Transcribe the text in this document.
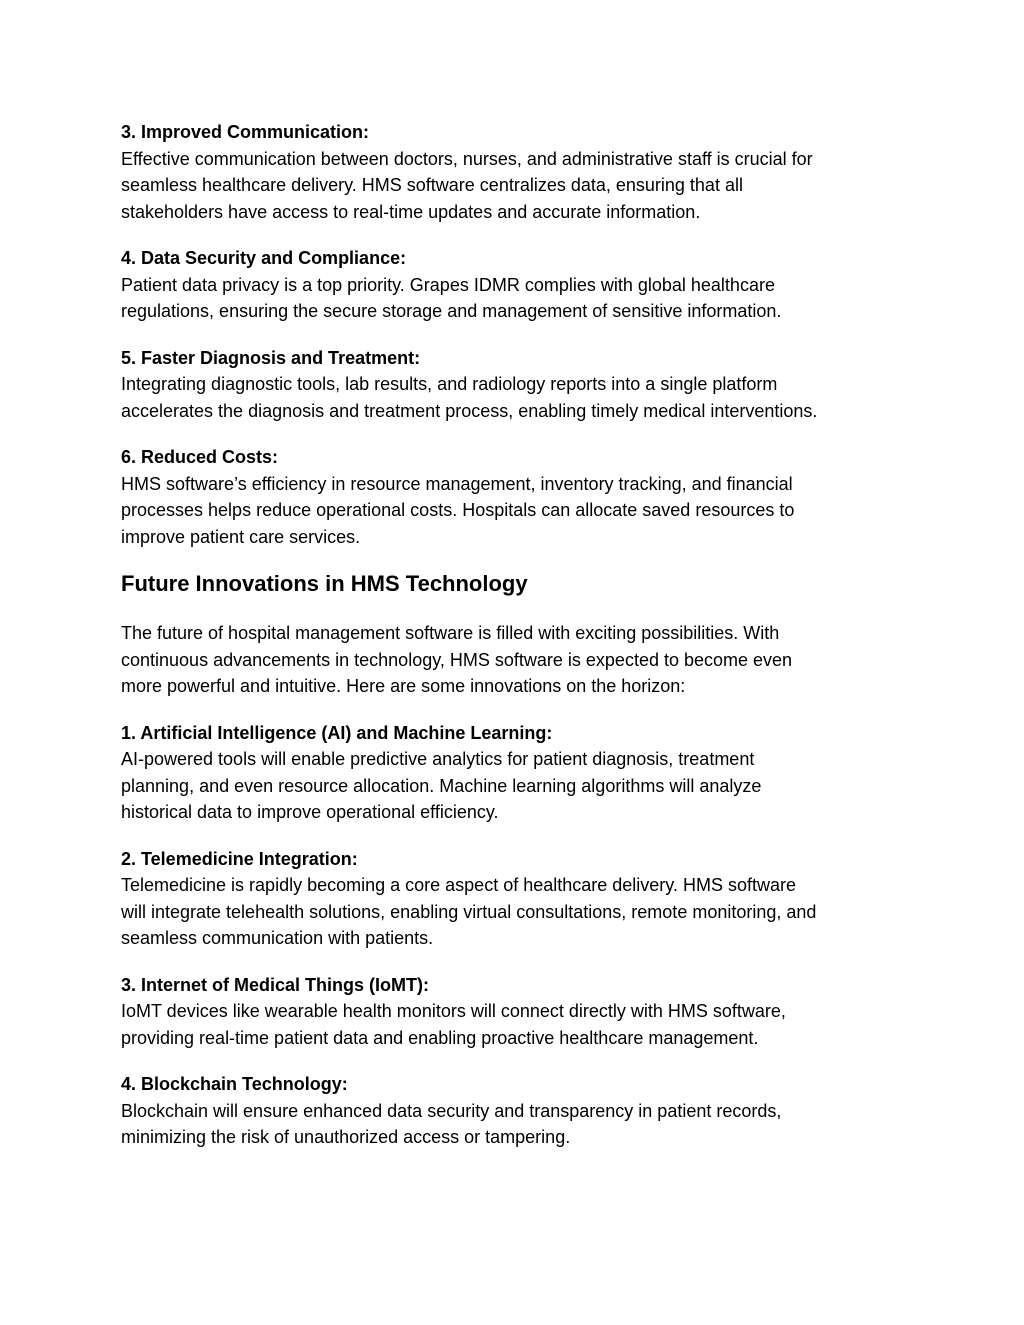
3. Improved Communication:

Effective communication between doctors, nurses, and administrative staff is crucial for
seamless healthcare delivery. HMS software centralizes data, ensuring that all
stakeholders have access to real-time updates and accurate information.

4. Data Security and Compliance:

Patient data privacy is a top priority. Grapes IDMR complies with global healthcare
regulations, ensuring the secure storage and management of sensitive information.

5. Faster Diagnosis and Treatment:

Integrating diagnostic tools, lab results, and radiology reports into a single platform
accelerates the diagnosis and treatment process, enabling timely medical interventions.

6. Reduced Costs:

HMS software’s efficiency in resource management, inventory tracking, and financial
processes helps reduce operational costs. Hospitals can allocate saved resources to
improve patient care services.
Future Innovations in HMS Technology
The future of hospital management software is filled with exciting possibilities. With
continuous advancements in technology, HMS software is expected to become even
more powerful and intuitive. Here are some innovations on the horizon:

1. Artificial Intelligence (AI) and Machine Learning:

AI-powered tools will enable predictive analytics for patient diagnosis, treatment
planning, and even resource allocation. Machine learning algorithms will analyze
historical data to improve operational efficiency.

2. Telemedicine Integration:

Telemedicine is rapidly becoming a core aspect of healthcare delivery. HMS software
will integrate telehealth solutions, enabling virtual consultations, remote monitoring, and
seamless communication with patients.

3. Internet of Medical Things (IoMT):

IoMT devices like wearable health monitors will connect directly with HMS software,
providing real-time patient data and enabling proactive healthcare management.

4. Blockchain Technology:

Blockchain will ensure enhanced data security and transparency in patient records,
minimizing the risk of unauthorized access or tampering.
